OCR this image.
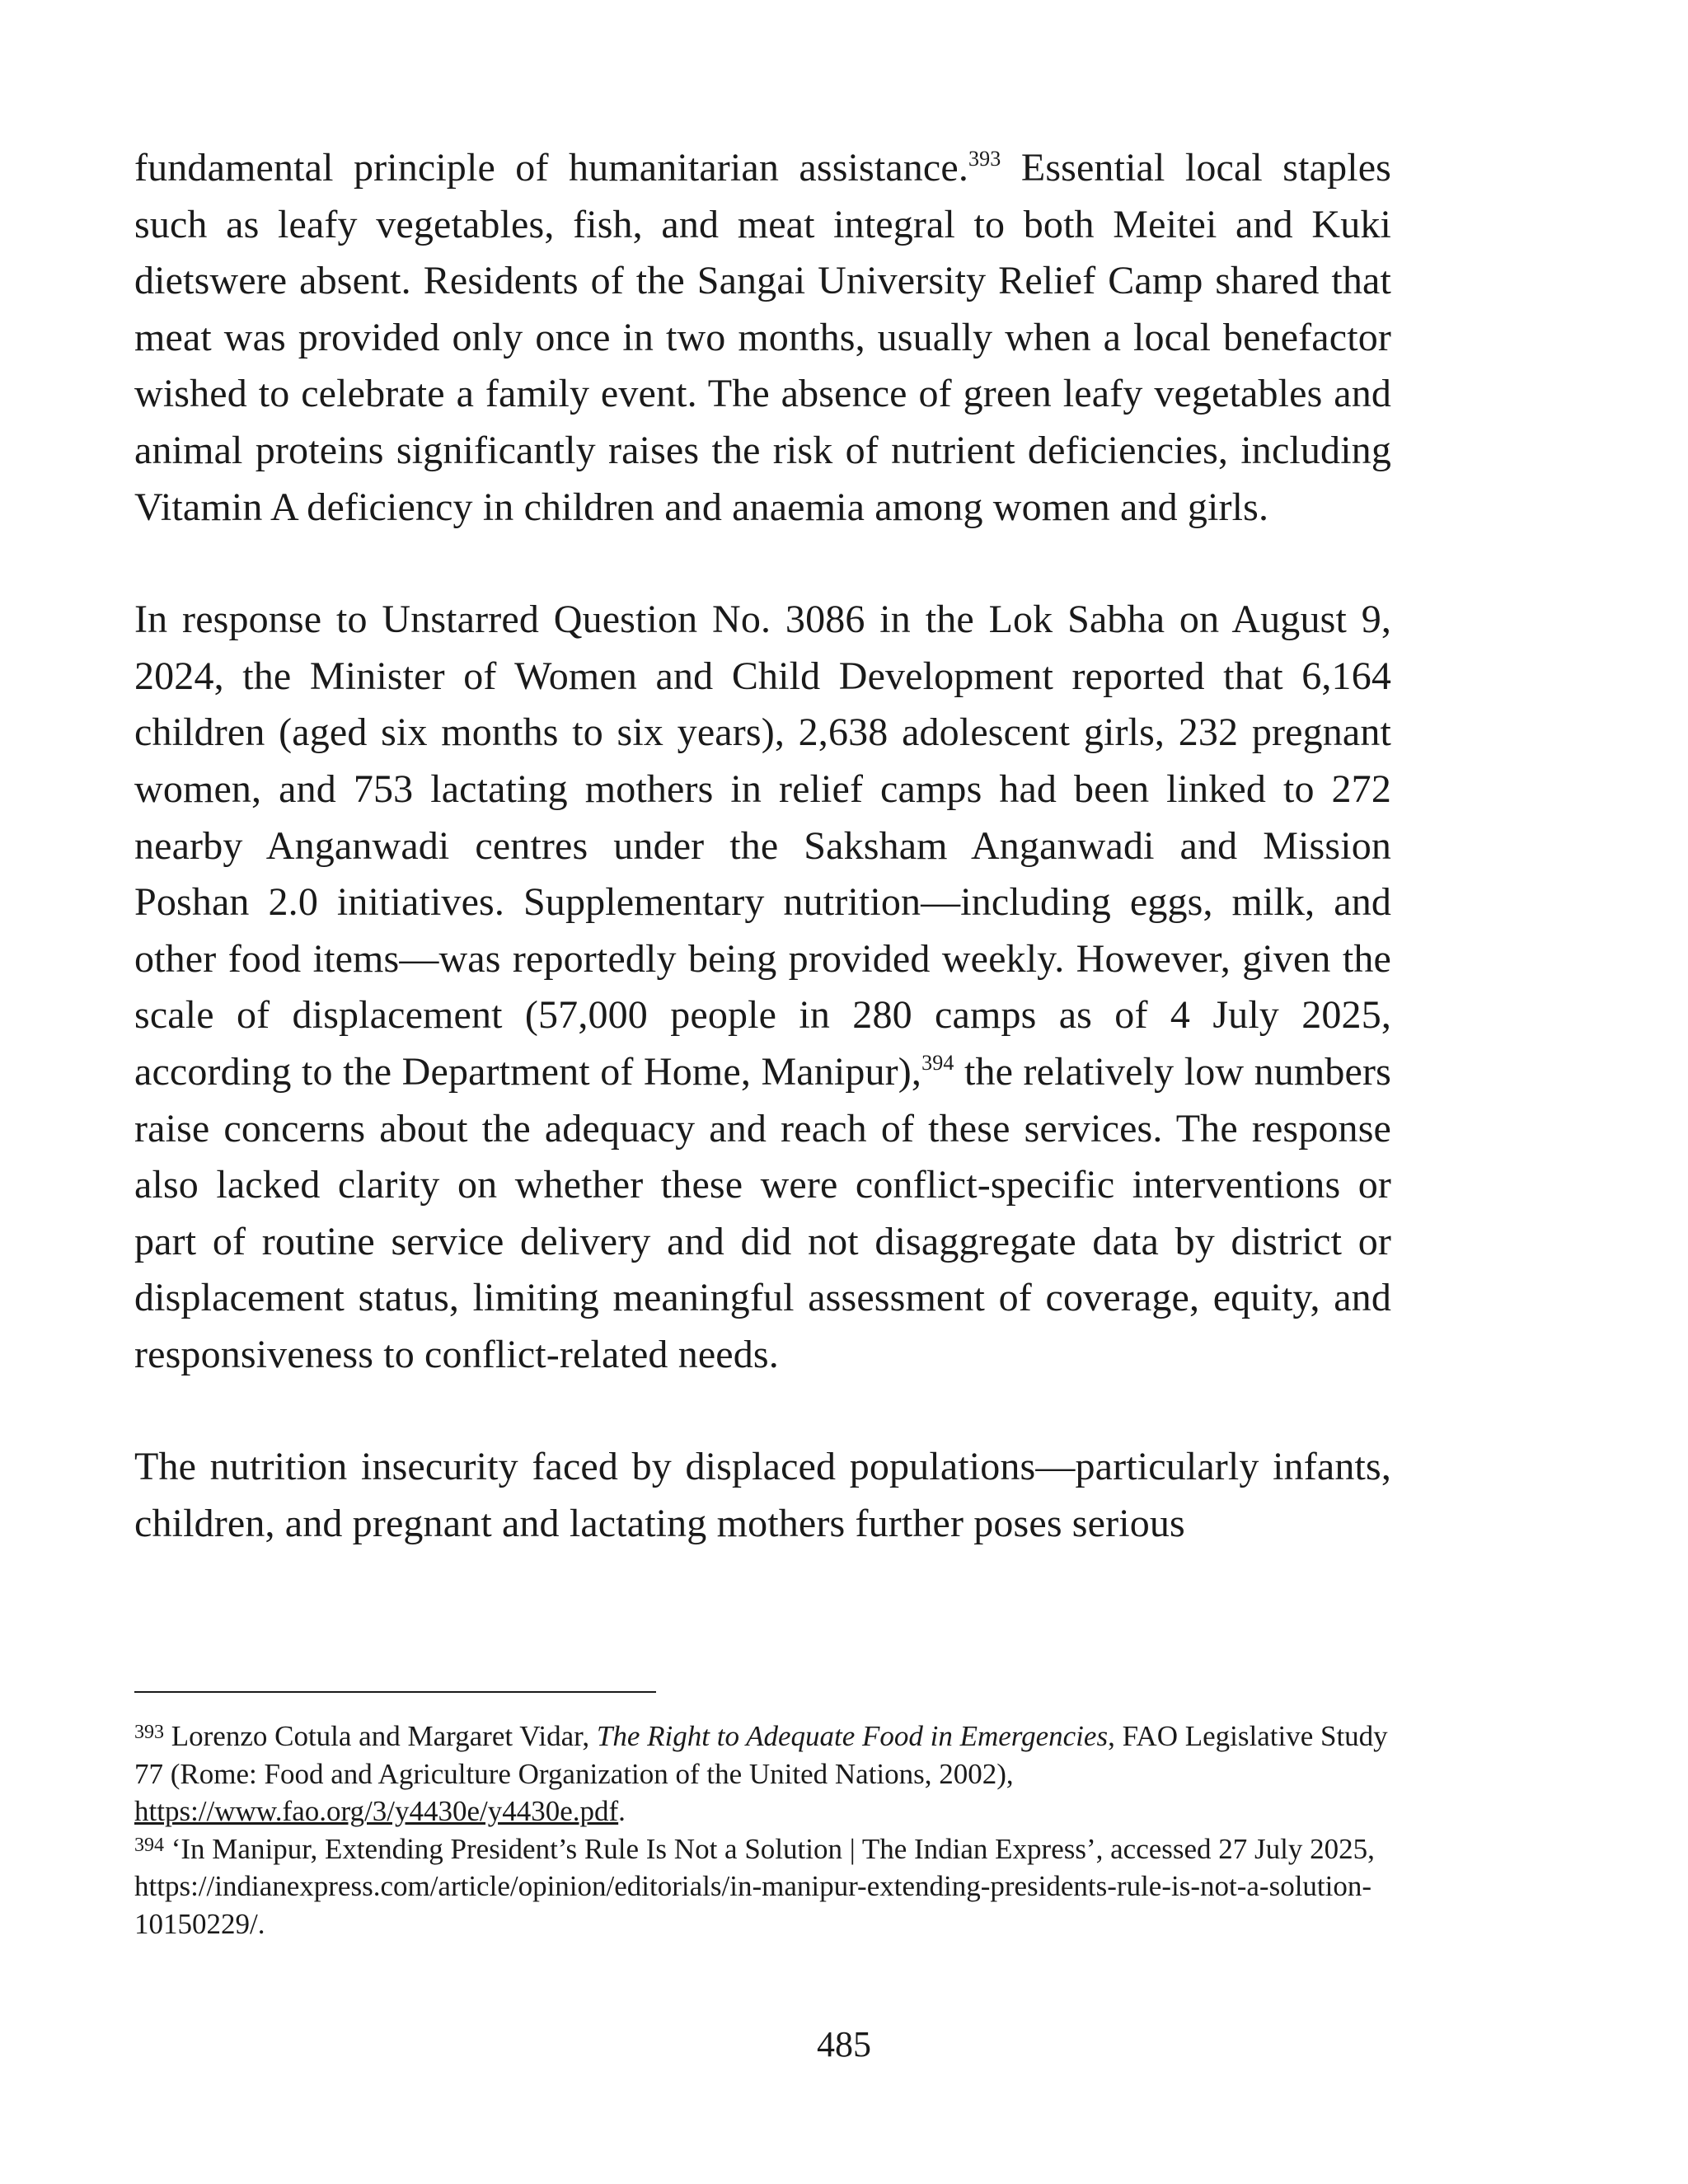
fundamental principle of humanitarian assistance.$^{393}$ Essential local staples such as leafy vegetables, fish, and meat integral to both Meitei and Kuki dietswere absent. Residents of the Sangai University Relief Camp shared that meat was provided only once in two months, usually when a local benefactor wished to celebrate a family event. The absence of green leafy vegetables and animal proteins significantly raises the risk of nutrient deficiencies, including Vitamin A deficiency in children and anaemia among women and girls.

In response to Unstarred Question No. 3086 in the Lok Sabha on August 9, 2024, the Minister of Women and Child Development reported that 6,164 children (aged six months to six years), 2,638 adolescent girls, 232 pregnant women, and 753 lactating mothers in relief camps had been linked to 272 nearby Anganwadi centres under the Saksham Anganwadi and Mission Poshan 2.0 initiatives. Supplementary nutrition—including eggs, milk, and other food items—was reportedly being provided weekly. However, given the scale of displacement (57,000 people in 280 camps as of 4 July 2025, according to the Department of Home, Manipur),$^{394}$ the relatively low numbers raise concerns about the adequacy and reach of these services. The response also lacked clarity on whether these were conflict-specific interventions or part of routine service delivery and did not disaggregate data by district or displacement status, limiting meaningful assessment of coverage, equity, and responsiveness to conflict-related needs.

The nutrition insecurity faced by displaced populations—particularly infants, children, and pregnant and lactating mothers further poses serious

$^{393}$ Lorenzo Cotula and Margaret Vidar, The Right to Adequate Food in Emergencies, FAO Legislative Study 77 (Rome: Food and Agriculture Organization of the United Nations, 2002), https://www.fao.org/3/y4430e/y4430e.pdf.

$^{394}$ ‘In Manipur, Extending President’s Rule Is Not a Solution | The Indian Express’, accessed 27 July 2025, https://indianexpress.com/article/opinion/editorials/in-manipur-extending-presidents-rule-is-not-a-solution-10150229/.

485
